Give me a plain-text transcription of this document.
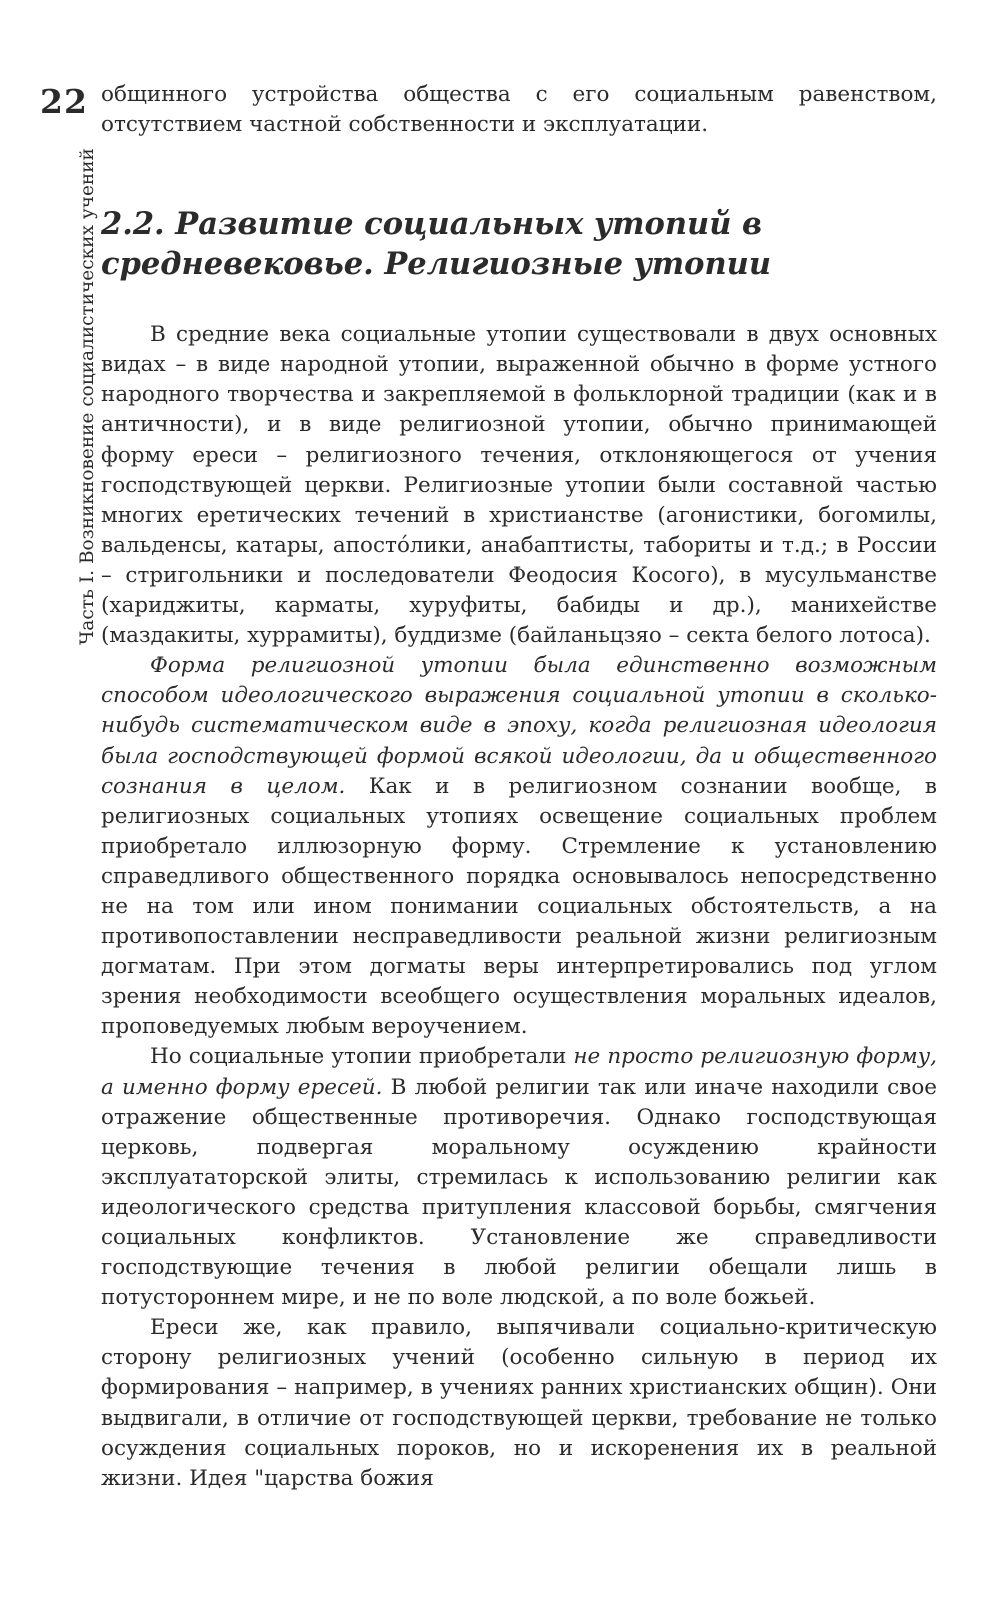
22
Часть I. Возникновение социалистических учений

общинного устройства общества с его социальным равенством, отсутствием частной собственности и эксплуатации.

2.2. Развитие социальных утопий в средневековье. Религиозные утопии

В средние века социальные утопии существовали в двух основных видах – в виде народной утопии, выраженной обычно в форме устного народного творчества и закрепляемой в фольклорной традиции (как и в античности), и в виде религиозной утопии, обычно принимающей форму ереси – религиозного течения, отклоняющегося от учения господствующей церкви. Религиозные утопии были составной частью многих еретических течений в христианстве (агонистики, богомилы, вальденсы, катары, апостóлики, анабаптисты, табориты и т.д.; в России – стригольники и последователи Феодосия Косого), в мусульманстве (хариджиты, карматы, хуруфиты, бабиды и др.), манихействе (маздакиты, хуррамиты), буддизме (байланьцзяо – секта белого лотоса).

Форма религиозной утопии была единственно возможным способом идеологического выражения социальной утопии в сколько-нибудь систематическом виде в эпоху, когда религиозная идеология была господствующей формой всякой идеологии, да и общественного сознания в целом. Как и в религиозном сознании вообще, в религиозных социальных утопиях освещение социальных проблем приобретало иллюзорную форму. Стремление к установлению справедливого общественного порядка основывалось непосредственно не на том или ином понимании социальных обстоятельств, а на противопоставлении несправедливости реальной жизни религиозным догматам. При этом догматы веры интерпретировались под углом зрения необходимости всеобщего осуществления моральных идеалов, проповедуемых любым вероучением.

Но социальные утопии приобретали не просто религиозную форму, а именно форму ересей. В любой религии так или иначе находили свое отражение общественные противоречия. Однако господствующая церковь, подвергая моральному осуждению крайности эксплуататорской элиты, стремилась к использованию религии как идеологического средства притупления классовой борьбы, смягчения социальных конфликтов. Установление же справедливости господствующие течения в любой религии обещали лишь в потустороннем мире, и не по воле людской, а по воле божьей.

Ереси же, как правило, выпячивали социально-критическую сторону религиозных учений (особенно сильную в период их формирования – например, в учениях ранних христианских общин). Они выдвигали, в отличие от господствующей церкви, требование не только осуждения социальных пороков, но и искоренения их в реальной жизни. Идея "царства божия
